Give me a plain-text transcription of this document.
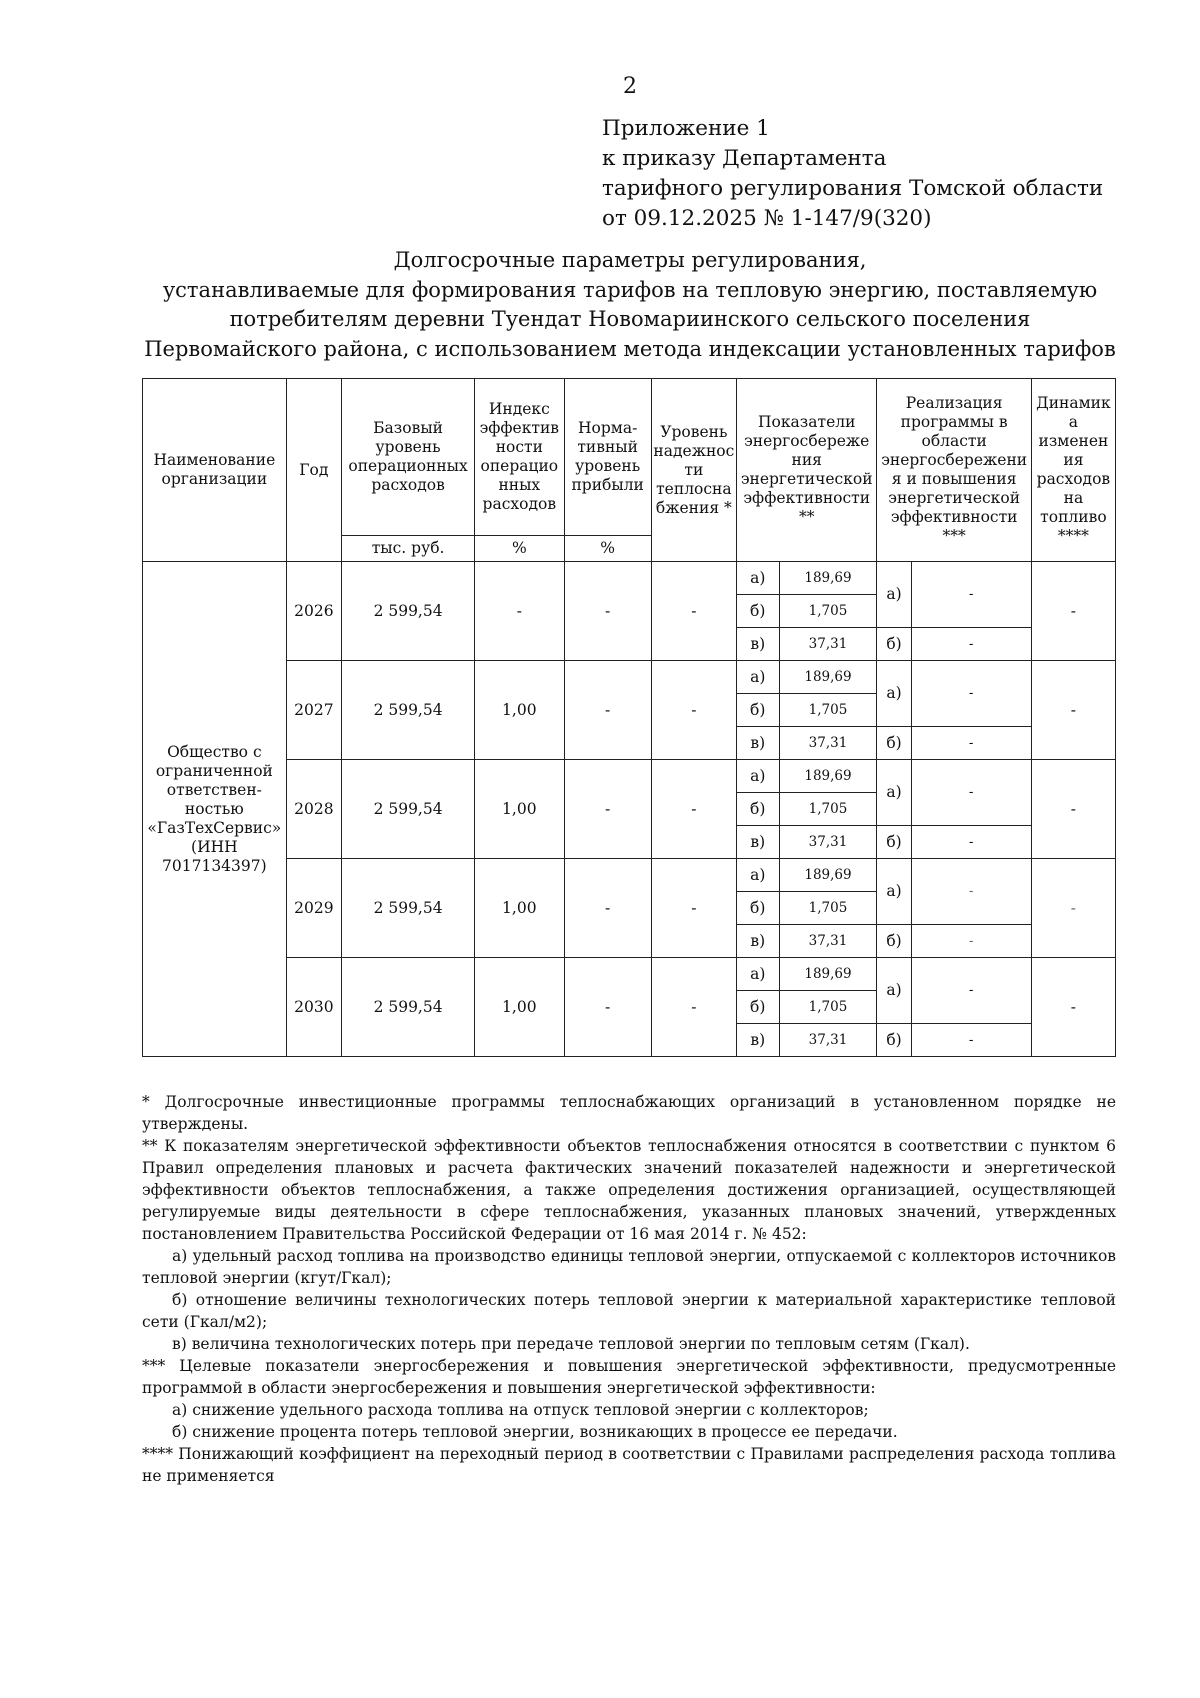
2
Приложение 1
к приказу Департамента
тарифного регулирования Томской области
от 09.12.2025 № 1-147/9(320)
Долгосрочные параметры регулирования,
устанавливаемые для формирования тарифов на тепловую энергию, поставляемую
потребителям деревни Туендат Новомариинского сельского поселения
Первомайского района, с использованием метода индексации установленных тарифов
Наименование организации	Год	Базовый уровень операционных расходов	Индекс эффектив ности операцио нных расходов	Норма-тивный уровень прибыли	Уровень надежнос ти теплосна бжения *	Показатели энергосбереже ния энергетической эффективности **		Реализация программы в области энергосбережени я и повышения энергетической эффективности ***		Динамик а изменен ия расходов на топливо ****
		тыс. руб.	%	%						
Общество с ограниченной ответствен-ностью «ГазТехСервис» (ИНН 7017134397)	2026	2 599,54	-	-	-	а)	189,69	а)	-	-
						б)	1,705			
						в)	37,31	б)	-	
	2027	2 599,54	1,00	-	-	а)	189,69	а)	-	-
						б)	1,705			
						в)	37,31	б)	-	
	2028	2 599,54	1,00	-	-	а)	189,69	а)	-	-
						б)	1,705			
						в)	37,31	б)	-	
	2029	2 599,54	1,00	-	-	а)	189,69	а)	-	-
						б)	1,705			
						в)	37,31	б)	-	
	2030	2 599,54	1,00	-	-	а)	189,69	а)	-	-
						б)	1,705			
						в)	37,31	б)	-	

* Долгосрочные инвестиционные программы теплоснабжающих организаций в установленном порядке не утверждены.

** К показателям энергетической эффективности объектов теплоснабжения относятся в соответствии с пунктом 6 Правил определения плановых и расчета фактических значений показателей надежности и энергетической эффективности объектов теплоснабжения, а также определения достижения организацией, осуществляющей регулируемые виды деятельности в сфере теплоснабжения, указанных плановых значений, утвержденных постановлением Правительства Российской Федерации от 16 мая 2014 г. № 452:

а) удельный расход топлива на производство единицы тепловой энергии, отпускаемой с коллекторов источников тепловой энергии (кгут/Гкал);

б) отношение величины технологических потерь тепловой энергии к материальной характеристике тепловой сети (Гкал/м2);

в) величина технологических потерь при передаче тепловой энергии по тепловым сетям (Гкал).

*** Целевые показатели энергосбережения и повышения энергетической эффективности, предусмотренные программой в области энергосбережения и повышения энергетической эффективности:

а) снижение удельного расхода топлива на отпуск тепловой энергии с коллекторов;

б) снижение процента потерь тепловой энергии, возникающих в процессе ее передачи.

**** Понижающий коэффициент на переходный период в соответствии с Правилами распределения расхода топлива не применяется
